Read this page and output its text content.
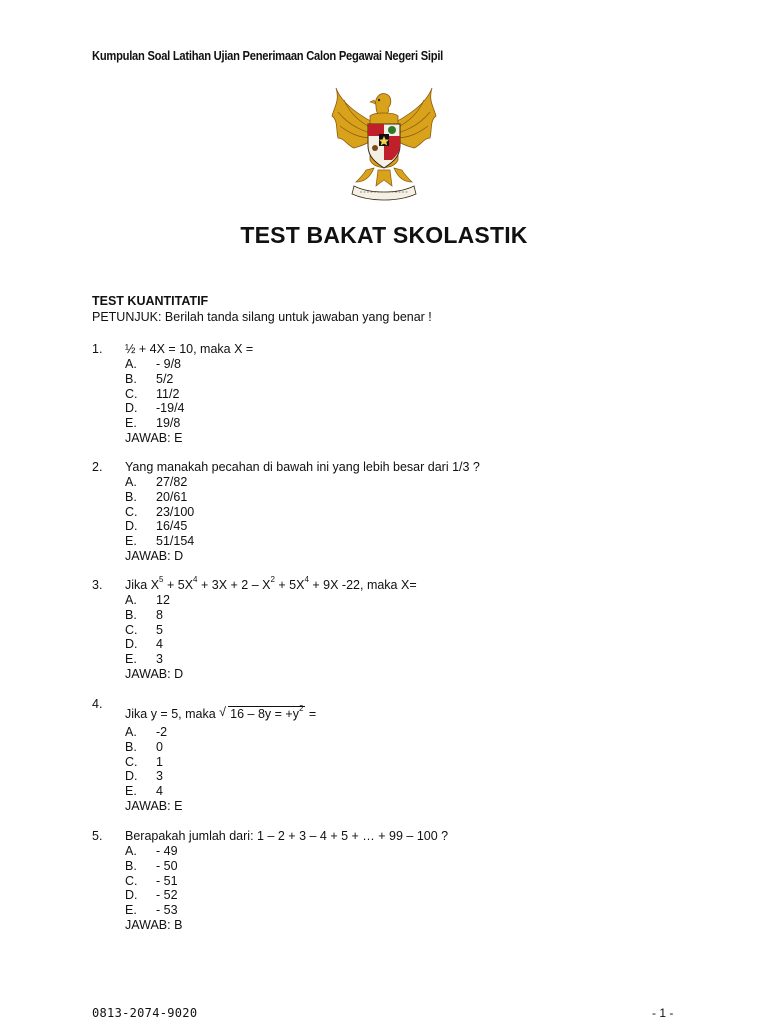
Kumpulan Soal Latihan Ujian Penerimaan Calon Pegawai Negeri Sipil
TEST BAKAT SKOLASTIK
TEST KUANTITATIF
PETUNJUK: Berilah tanda silang untuk jawaban yang benar !
1. ½ + 4X = 10, maka X =
A. - 9/8
B. 5/2
C. 11/2
D. -19/4
E. 19/8
JAWAB: E
2. Yang manakah pecahan di bawah ini yang lebih besar dari 1/3 ?
A. 27/82
B. 20/61
C. 23/100
D. 16/45
E. 51/154
JAWAB: D
3. Jika $X^5 + 5X^4 + 3X + 2 - X^2 + 5X^4 + 9X$ -22, maka X=
A. 12
B. 8
C. 5
D. 4
E. 3
JAWAB: D
4.
Jika y = 5, maka √ $16 - 8y = +y^2$ =
A. -2
B. 0
C. 1
D. 3
E. 4
JAWAB: E
5. Berapakah jumlah dari: 1 – 2 + 3 – 4 + 5 + … + 99 – 100 ?
A. - 49
B. - 50
C. - 51
D. - 52
E. - 53
JAWAB: B
0813-2074-9020	- 1 -
